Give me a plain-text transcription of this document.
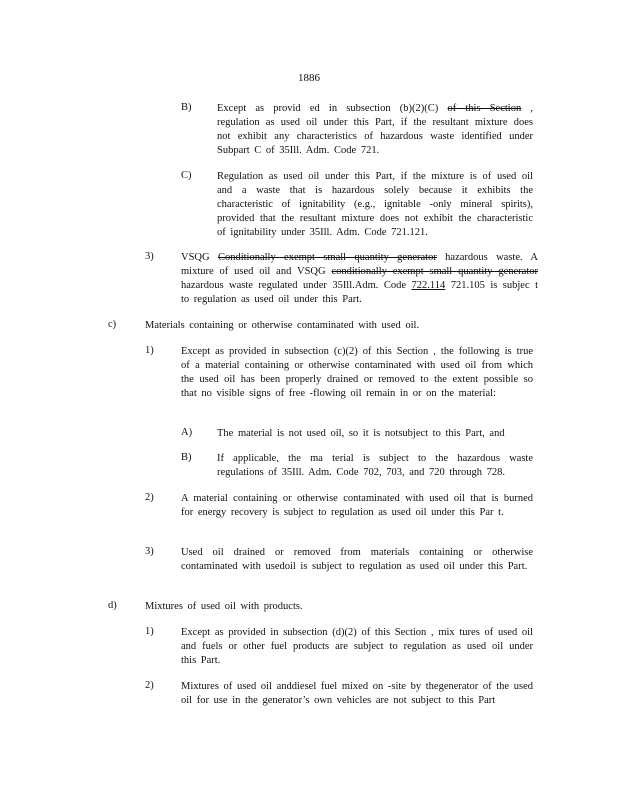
1886
B) Except as provid ed in subsection (b)(2)(C) of this Section , regulation as used oil under this Part, if the resultant mixture does not exhibit any characteristics of hazardous waste identified under Subpart C of 35Ill. Adm. Code 721.
C) Regulation as used oil under this Part, if the mixture is of used oil and a waste that is hazardous solely because it exhibits the characteristic of ignitability (e.g., ignitable -only mineral spirits), provided that the resultant mixture does not exhibit the characteristic of ignitability under 35Ill. Adm. Code 721.121.
3)	VSQG Conditionally exempt small quantity generator hazardous waste. A mixture of used oil and VSQG conditionally exempt small quantity generator hazardous waste regulated under 35Ill.Adm. Code 722.114 721.105 is subjec t to regulation as used oil under this Part.
c)	Materials containing or otherwise contaminated with used oil.
1)	Except as provided in subsection (c)(2) of this Section , the following is true of a material containing or otherwise contaminated with used oil from which the used oil has been properly drained or removed to the extent possible so that no visible signs of free -flowing oil remain in or on the material:
A) The material is not used oil, so it is notsubject to this Part, and
B) If applicable, the ma terial is subject to the hazardous waste regulations of 35Ill. Adm. Code 702, 703, and 720 through 728.
2)	A material containing or otherwise contaminated with used oil that is burned for energy recovery is subject to regulation as used oil under this Par t.
3)	Used oil drained or removed from materials containing or otherwise contaminated with usedoil is subject to regulation as used oil under this Part.
d)	Mixtures of used oil with products.
1)	Except as provided in subsection (d)(2) of this Section , mix tures of used oil and fuels or other fuel products are subject to regulation as used oil under this Part.
2)	Mixtures of used oil anddiesel fuel mixed on -site by thegenerator of the used oil for use in the generator’s own vehicles are not subject to this Part
